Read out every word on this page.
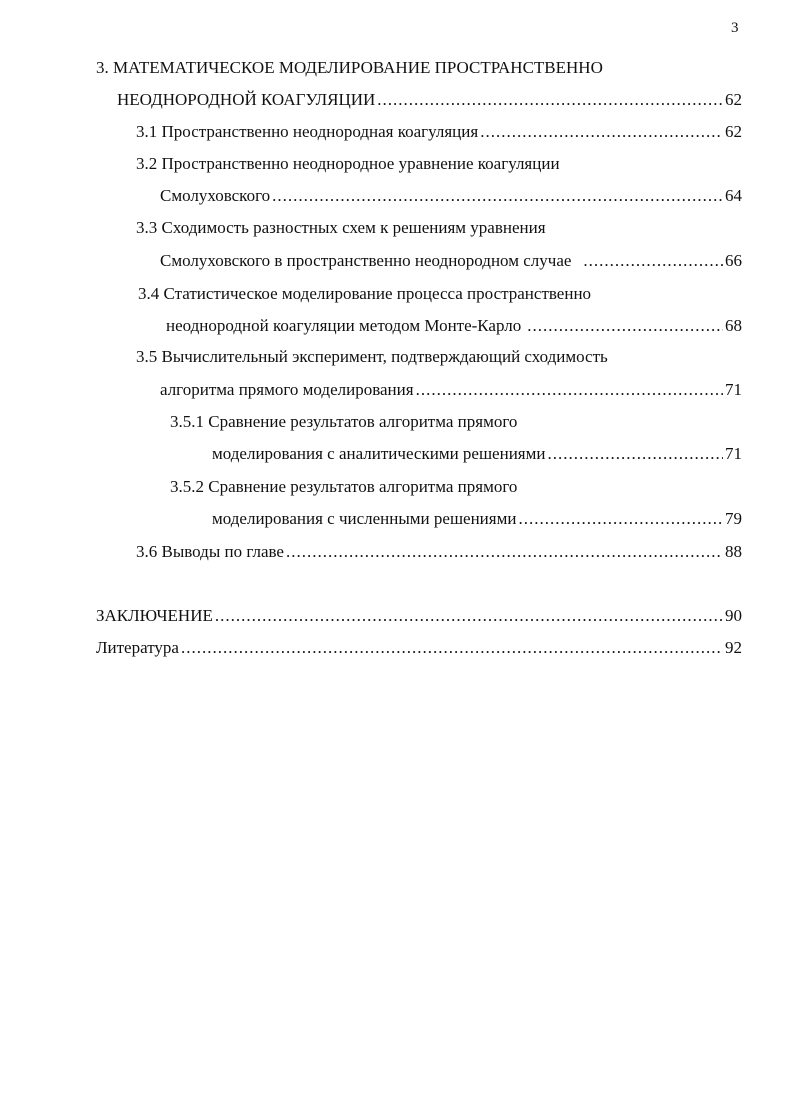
3
3. МАТЕМАТИЧЕСКОЕ МОДЕЛИРОВАНИЕ ПРОСТРАНСТВЕННО
НЕОДНОРОДНОЙ КОАГУЛЯЦИИ .....	62
3.1 Пространственно неоднородная коагуляция .....	62
3.2 Пространственно неоднородное уравнение коагуляции
Смолуховского .....	64
3.3 Сходимость разностных схем к решениям уравнения
Смолуховского в пространственно неоднородном случае .....	66
3.4 Статистическое моделирование процесса пространственно
неоднородной коагуляции методом Монте-Карло .....	68
3.5 Вычислительный эксперимент, подтверждающий сходимость
алгоритма прямого моделирования .....	71
3.5.1 Сравнение результатов алгоритма прямого
моделирования с аналитическими решениями .....	71
3.5.2 Сравнение результатов алгоритма прямого
моделирования с численными решениями .....	79
3.6 Выводы по главе .....	88
ЗАКЛЮЧЕНИЕ .....	90
Литература .....	92
